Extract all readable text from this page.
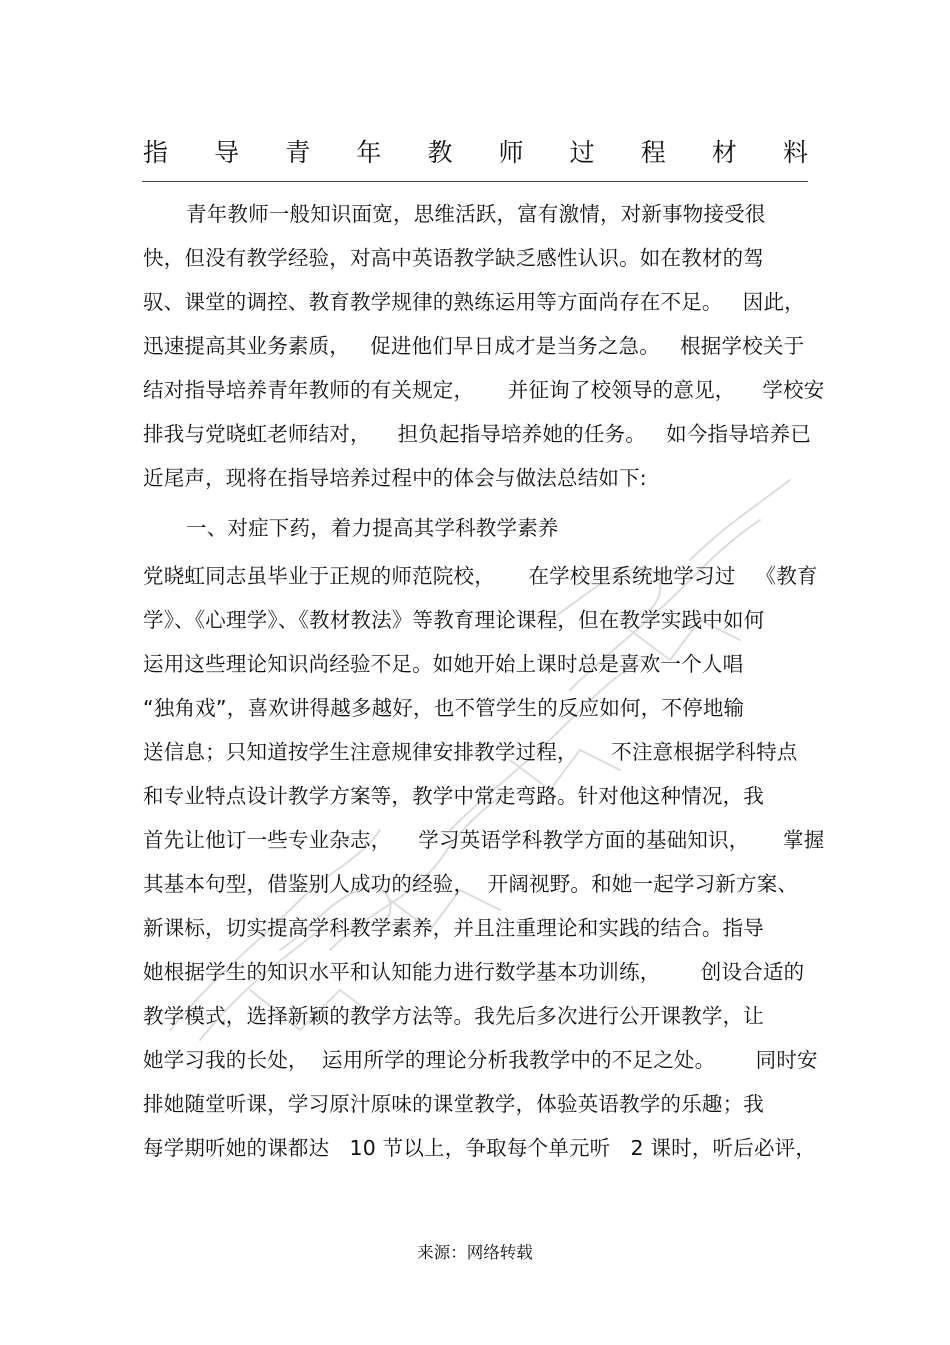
指 导 青 年 教 师 过 程 材 料
青年教师一般知识面宽，思维活跃，富有激情，对新事物接受很
快，但没有教学经验，对高中英语教学缺乏感性认识。如在教材的驾
驭、课堂的调控、教育教学规律的熟练运用等方面尚存在不足。   因此，
迅速提高其业务素质，   促进他们早日成才是当务之急。   根据学校关于
结对指导培养青年教师的有关规定，     并征询了校领导的意见，    学校安
排我与党晓虹老师结对，    担负起指导培养她的任务。   如今指导培养已
近尾声，现将在指导培养过程中的体会与做法总结如下:
一、对症下药，着力提高其学科教学素养
党晓虹同志虽毕业于正规的师范院校，     在学校里系统地学习过   《教育
学》、《心理学》、《教材教法》等教育理论课程，但在教学实践中如何
运用这些理论知识尚经验不足。如她开始上课时总是喜欢一个人唱
“独角戏”，喜欢讲得越多越好，也不管学生的反应如何，不停地输
送信息；只知道按学生注意规律安排教学过程，     不注意根据学科特点
和专业特点设计教学方案等，教学中常走弯路。针对他这种情况，我
首先让他订一些专业杂志，    学习英语学科教学方面的基础知识，     掌握
其基本句型，借鉴别人成功的经验，  开阔视野。和她一起学习新方案、
新课标，切实提高学科教学素养，并且注重理论和实践的结合。指导
她根据学生的知识水平和认知能力进行数学基本功训练，      创设合适的
教学模式，选择新颖的教学方法等。我先后多次进行公开课教学，让
她学习我的长处，  运用所学的理论分析我教学中的不足之处。      同时安
排她随堂听课，学习原汁原味的课堂教学，体验英语教学的乐趣；我
每学期听她的课都达   10 节以上，争取每个单元听   2 课时，听后必评，
来源：网络转载
